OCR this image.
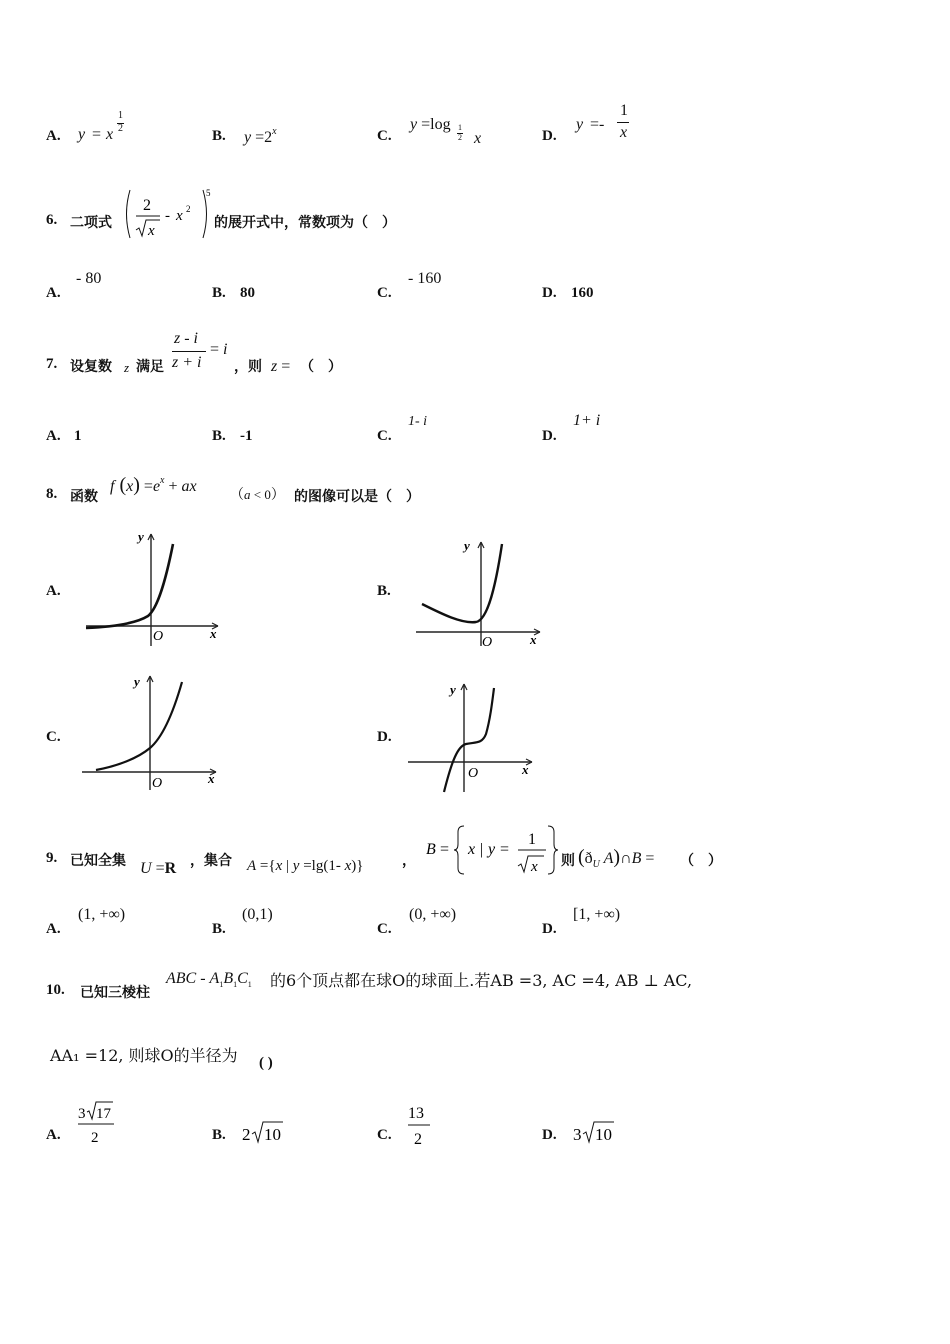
A. y = x
1
2	B. $y =2^x$	C.
y =log 1
2 x	D.
y =-
1
x
6. 二项式
2
x
- x 2
5
的展开式中，常数项为（　）
A.
- 80
B. 80	C.
- 160
D. 160
7. 设复数 z 满足
z - i
z + i
= i
，则 z = （　）
A. 1	B. -1	C.
1- i
D.
1+ i
8. 函数
f $(x) =e^x$ + ax （a < 0） 的图像可以是（　）
A.
y
O	x
B.
y
O	x
C.
y
O	x
D.
y
O	x
9. 已知全集 U =R ，集合 A ={x | y =lg(1- x)}	，
B = x | y =
1
x 则 ($ð_U$ A)∩B = （　）
A.
(1, +∞)
B.
(0,1)
C.
(0, +∞)
D.
[1, +∞)
10. 已知三棱柱
ABC - $A_1B_1C_1$ 的6个顶点都在球O的球面上.若AB =3, AC =4, AB ⊥ AC,
AA₁ =12, 则球O的半径为 ( )
A.
3 17
2	B. 2 10	C.
13
2	D. 3 10
